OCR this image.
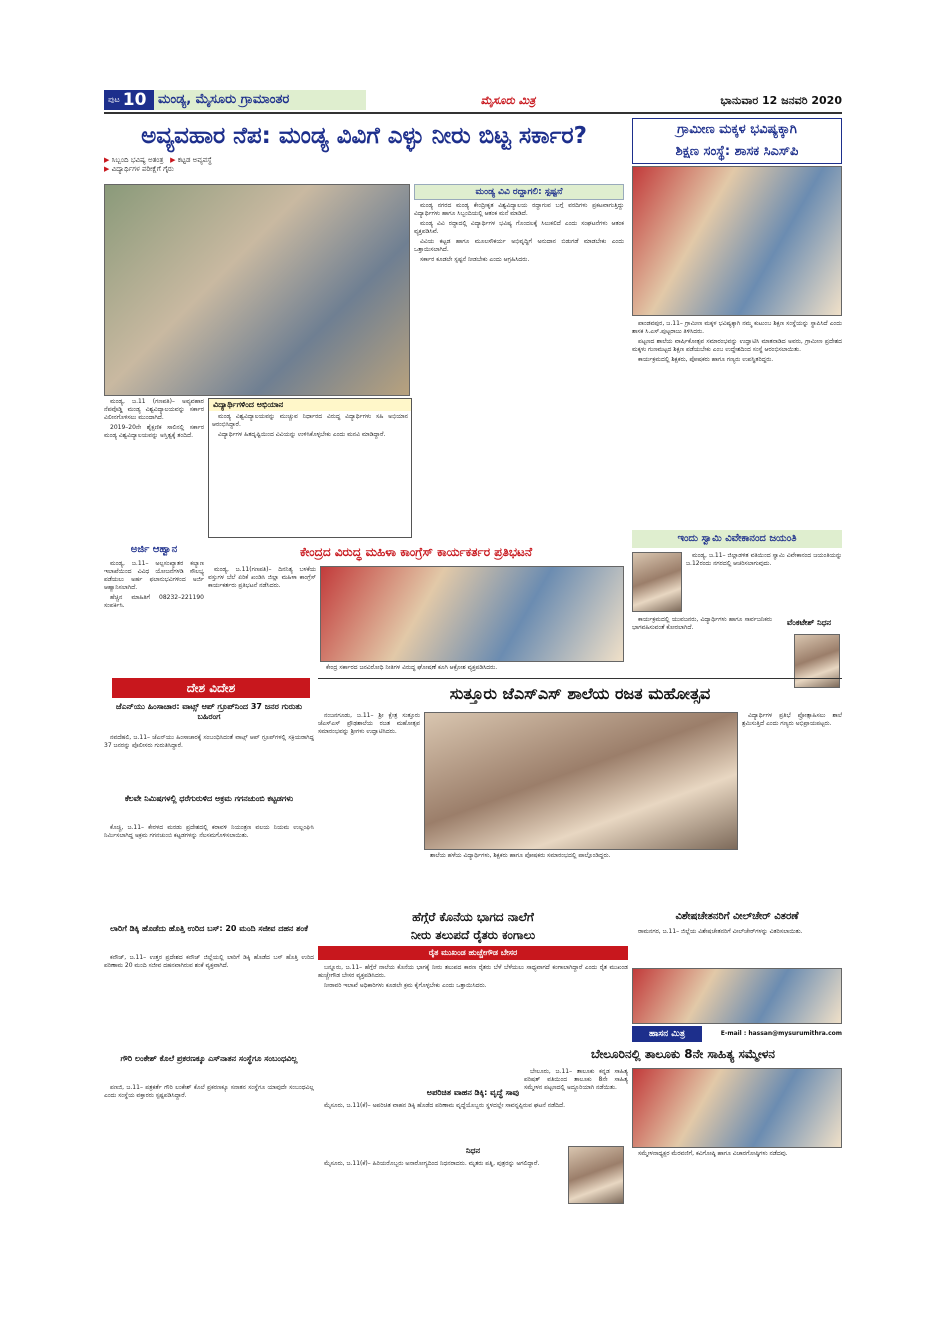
ಪುಟ 10 ಮಂಡ್ಯ, ಮೈಸೂರು ಗ್ರಾಮಾಂತರ	ಮೈಸೂರು ಮಿತ್ರ	ಭಾನುವಾರ 12 ಜನವರಿ 2020
ಅವ್ಯವಹಾರ ನೆಪ: ಮಂಡ್ಯ ವಿವಿಗೆ ಎಳ್ಳು ನೀರು ಬಿಟ್ಟ ಸರ್ಕಾರ?
▶ ಸಿಬ್ಬಂದಿ ಭವಿಷ್ಯ ಅತಂತ್ರ ▶ ಕಟ್ಟಡ ಅವ್ಯವಸ್ಥೆ
▶ ವಿದ್ಯಾರ್ಥಿಗಳ ಪರೀಕ್ಷೆಗೆ ಗೈರು
ಮಂಡ್ಯ ವಿವಿ ರದ್ದಾಗಲಿ: ಸ್ಪಷ್ಟನೆ

ಮಂಡ್ಯ ನಗರದ ಮಂಡ್ಯ ಕೇಂದ್ರೀಕೃತ ವಿಶ್ವವಿದ್ಯಾಲಯ ರದ್ದಾಗುವ ಬಗ್ಗೆ ವರದಿಗಳು ಪ್ರಕಟವಾಗುತ್ತಿದ್ದು ವಿದ್ಯಾರ್ಥಿಗಳು ಹಾಗೂ ಸಿಬ್ಬಂದಿಯಲ್ಲಿ ಆತಂಕ ಮನೆ ಮಾಡಿದೆ.

ಮಂಡ್ಯ ವಿವಿ ರದ್ದಾದಲ್ಲಿ ವಿದ್ಯಾರ್ಥಿಗಳ ಭವಿಷ್ಯ ಗೊಂದಲಕ್ಕೆ ಸಿಲುಕಲಿದೆ ಎಂದು ಸಂಘಟನೆಗಳು ಆತಂಕ ವ್ಯಕ್ತಪಡಿಸಿವೆ.

ವಿವಿಯ ಕಟ್ಟಡ ಹಾಗೂ ಮೂಲಸೌಕರ್ಯ ಅಭಿವೃದ್ಧಿಗೆ ಅನುದಾನ ಬಿಡುಗಡೆ ಮಾಡಬೇಕು ಎಂದು ಒತ್ತಾಯಿಸಲಾಗಿದೆ.

ಸರ್ಕಾರ ಕೂಡಲೇ ಸ್ಪಷ್ಟನೆ ನೀಡಬೇಕು ಎಂದು ಆಗ್ರಹಿಸಿದರು.

ಮಂಡ್ಯ, ಜ.11 (ಗಣಪತಿ)– ಅವ್ಯವಹಾರ ನೆಪವೊಡ್ಡಿ ಮಂಡ್ಯ ವಿಶ್ವವಿದ್ಯಾಲಯವನ್ನು ಸರ್ಕಾರ ವಿಲೀನಗೊಳಿಸಲು ಮುಂದಾಗಿದೆ.

2019–20ನೇ ಶೈಕ್ಷಣಿಕ ಸಾಲಿನಲ್ಲಿ ಸರ್ಕಾರ ಮಂಡ್ಯ ವಿಶ್ವವಿದ್ಯಾಲಯವನ್ನು ಅಸ್ತಿತ್ವಕ್ಕೆ ತಂದಿದೆ.

ವಿದ್ಯಾರ್ಥಿಗಳಿಂದ ಅಭಿಯಾನ

ಮಂಡ್ಯ ವಿಶ್ವವಿದ್ಯಾಲಯವನ್ನು ಮುಚ್ಚುವ ನಿರ್ಧಾರದ ವಿರುದ್ಧ ವಿದ್ಯಾರ್ಥಿಗಳು ಸಹಿ ಅಭಿಯಾನ ಆರಂಭಿಸಿದ್ದಾರೆ.

ವಿದ್ಯಾರ್ಥಿಗಳ ಹಿತದೃಷ್ಟಿಯಿಂದ ವಿವಿಯನ್ನು ಉಳಿಸಿಕೊಳ್ಳಬೇಕು ಎಂದು ಮನವಿ ಮಾಡಿದ್ದಾರೆ.

ಗ್ರಾಮೀಣ ಮಕ್ಕಳ ಭವಿಷ್ಯಕ್ಕಾಗಿ
ಶಿಕ್ಷಣ ಸಂಸ್ಥೆ: ಶಾಸಕ ಸಿಎಸ್‌ಪಿ

ಪಾಂಡವಪುರ, ಜ.11– ಗ್ರಾಮೀಣ ಮಕ್ಕಳ ಭವಿಷ್ಯಕ್ಕಾಗಿ ನಮ್ಮ ಕುಟುಂಬ ಶಿಕ್ಷಣ ಸಂಸ್ಥೆಯನ್ನು ಸ್ಥಾಪಿಸಿದೆ ಎಂದು ಶಾಸಕ ಸಿ.ಎಸ್.ಪುಟ್ಟರಾಜು ತಿಳಿಸಿದರು.

ಪಟ್ಟಣದ ಶಾಲೆಯ ವಾರ್ಷಿಕೋತ್ಸವ ಸಮಾರಂಭವನ್ನು ಉದ್ಘಾಟಿಸಿ ಮಾತನಾಡಿದ ಅವರು, ಗ್ರಾಮೀಣ ಪ್ರದೇಶದ ಮಕ್ಕಳು ಗುಣಮಟ್ಟದ ಶಿಕ್ಷಣ ಪಡೆಯಬೇಕು ಎಂಬ ಉದ್ದೇಶದಿಂದ ಸಂಸ್ಥೆ ಆರಂಭಿಸಲಾಯಿತು.

ಕಾರ್ಯಕ್ರಮದಲ್ಲಿ ಶಿಕ್ಷಕರು, ಪೋಷಕರು ಹಾಗೂ ಗಣ್ಯರು ಉಪಸ್ಥಿತರಿದ್ದರು.

ಇಂದು ಸ್ವಾಮಿ ವಿವೇಕಾನಂದ ಜಯಂತಿ

ಮಂಡ್ಯ, ಜ.11– ಜಿಲ್ಲಾಡಳಿತ ವತಿಯಿಂದ ಸ್ವಾಮಿ ವಿವೇಕಾನಂದ ಜಯಂತಿಯನ್ನು ಜ.12ರಂದು ನಗರದಲ್ಲಿ ಆಚರಿಸಲಾಗುವುದು.

ಕಾರ್ಯಕ್ರಮದಲ್ಲಿ ಯುವಜನರು, ವಿದ್ಯಾರ್ಥಿಗಳು ಹಾಗೂ ಸಾರ್ವಜನಿಕರು ಭಾಗವಹಿಸುವಂತೆ ಕೋರಲಾಗಿದೆ.

ವೆಂಕಟೇಶ್ ನಿಧನ
ಅರ್ಜಿ ಆಹ್ವಾನ

ಮಂಡ್ಯ, ಜ.11– ಅಲ್ಪಸಂಖ್ಯಾತರ ಕಲ್ಯಾಣ ಇಲಾಖೆಯಿಂದ ವಿವಿಧ ಯೋಜನೆಗಳಡಿ ಸೌಲಭ್ಯ ಪಡೆಯಲು ಅರ್ಹ ಫಲಾನುಭವಿಗಳಿಂದ ಅರ್ಜಿ ಆಹ್ವಾನಿಸಲಾಗಿದೆ.

ಹೆಚ್ಚಿನ ಮಾಹಿತಿಗೆ 08232–221190 ಸಂಪರ್ಕಿಸಿ.

ಕೇಂದ್ರದ ವಿರುದ್ಧ ಮಹಿಳಾ ಕಾಂಗ್ರೆಸ್ ಕಾರ್ಯಕರ್ತರ ಪ್ರತಿಭಟನೆ

ಮಂಡ್ಯ, ಜ.11(ಗಣಪತಿ)– ದಿನನಿತ್ಯ ಬಳಕೆಯ ವಸ್ತುಗಳ ಬೆಲೆ ಏರಿಕೆ ಖಂಡಿಸಿ ಜಿಲ್ಲಾ ಮಹಿಳಾ ಕಾಂಗ್ರೆಸ್ ಕಾರ್ಯಕರ್ತರು ಪ್ರತಿಭಟನೆ ನಡೆಸಿದರು.

ಕೇಂದ್ರ ಸರ್ಕಾರದ ಜನವಿರೋಧಿ ನೀತಿಗಳ ವಿರುದ್ಧ ಘೋಷಣೆ ಕೂಗಿ ಆಕ್ರೋಶ ವ್ಯಕ್ತಪಡಿಸಿದರು.

ದೇಶ ವಿದೇಶ
ಜೆಎನ್‌ಯು ಹಿಂಸಾಚಾರ: ವಾಟ್ಸ್ ಆಪ್ ಗ್ರೂಪ್‌ನಿಂದ 37 ಜನರ ಗುರುತು ಬಹಿರಂಗ

ನವದೆಹಲಿ, ಜ.11– ಜೆಎನ್‌ಯು ಹಿಂಸಾಚಾರಕ್ಕೆ ಸಂಬಂಧಿಸಿದಂತೆ ವಾಟ್ಸ್ ಆಪ್ ಗ್ರೂಪ್‌ಗಳಲ್ಲಿ ಸಕ್ರಿಯರಾಗಿದ್ದ 37 ಜನರನ್ನು ಪೊಲೀಸರು ಗುರುತಿಸಿದ್ದಾರೆ.

ಕೆಲವೇ ನಿಮಿಷಗಳಲ್ಲಿ ಧರೆಗುರುಳಿದ ಅಕ್ರಮ ಗಗನಚುಂಬಿ ಕಟ್ಟಡಗಳು

ಕೊಚ್ಚಿ, ಜ.11– ಕೇರಳದ ಮರಡು ಪ್ರದೇಶದಲ್ಲಿ ಕರಾವಳಿ ನಿಯಂತ್ರಣ ವಲಯ ನಿಯಮ ಉಲ್ಲಂಘಿಸಿ ನಿರ್ಮಿಸಲಾಗಿದ್ದ ಅಕ್ರಮ ಗಗನಚುಂಬಿ ಕಟ್ಟಡಗಳನ್ನು ನೆಲಸಮಗೊಳಿಸಲಾಯಿತು.

ಲಾರಿಗೆ ಡಿಕ್ಕಿ ಹೊಡೆದು ಹೊತ್ತಿ ಉರಿದ ಬಸ್: 20 ಮಂದಿ ಸಜೀವ ದಹನ ಶಂಕೆ

ಕನೌಜ್, ಜ.11– ಉತ್ತರ ಪ್ರದೇಶದ ಕನೌಜ್ ಜಿಲ್ಲೆಯಲ್ಲಿ ಲಾರಿಗೆ ಡಿಕ್ಕಿ ಹೊಡೆದ ಬಸ್ ಹೊತ್ತಿ ಉರಿದ ಪರಿಣಾಮ 20 ಮಂದಿ ಸಜೀವ ದಹನವಾಗಿರುವ ಶಂಕೆ ವ್ಯಕ್ತವಾಗಿದೆ.

ಗೌರಿ ಲಂಕೇಶ್ ಕೊಲೆ ಪ್ರಕರಣಕ್ಕೂ ಎಸ್‌ನಾತನ ಸಂಸ್ಥೆಗೂ ಸಂಬಂಧವಿಲ್ಲ

ಪಣಜಿ, ಜ.11– ಪತ್ರಕರ್ತೆ ಗೌರಿ ಲಂಕೇಶ್ ಕೊಲೆ ಪ್ರಕರಣಕ್ಕೂ ಸನಾತನ ಸಂಸ್ಥೆಗೂ ಯಾವುದೇ ಸಂಬಂಧವಿಲ್ಲ ಎಂದು ಸಂಸ್ಥೆಯ ವಕ್ತಾರರು ಸ್ಪಷ್ಟಪಡಿಸಿದ್ದಾರೆ.

ಸುತ್ತೂರು ಜೆಎಸ್‌ಎಸ್ ಶಾಲೆಯ ರಜತ ಮಹೋತ್ಸವ

ನಂಜನಗೂಡು, ಜ.11– ಶ್ರೀ ಕ್ಷೇತ್ರ ಸುತ್ತೂರು ಜೆಎಸ್‌ಎಸ್ ಪ್ರೌಢಶಾಲೆಯ ರಜತ ಮಹೋತ್ಸವ ಸಮಾರಂಭವನ್ನು ಶ್ರೀಗಳು ಉದ್ಘಾಟಿಸಿದರು.

ವಿದ್ಯಾರ್ಥಿಗಳ ಪ್ರತಿಭೆ ಪ್ರೋತ್ಸಾಹಿಸಲು ಶಾಲೆ ಶ್ರಮಿಸುತ್ತಿದೆ ಎಂದು ಗಣ್ಯರು ಅಭಿಪ್ರಾಯಪಟ್ಟರು.

ಶಾಲೆಯ ಹಳೆಯ ವಿದ್ಯಾರ್ಥಿಗಳು, ಶಿಕ್ಷಕರು ಹಾಗೂ ಪೋಷಕರು ಸಮಾರಂಭದಲ್ಲಿ ಪಾಲ್ಗೊಂಡಿದ್ದರು.

ಹೆಗ್ಗೆರೆ ಕೊನೆಯ ಭಾಗದ ನಾಲೆಗೆ
ನೀರು ತಲುಪದೆ ರೈತರು ಕಂಗಾಲು
ರೈತ ಮುಖಂಡ ಹುಚ್ಚೇಗೌಡ ಬೇಸರ

ಬನ್ನೂರು, ಜ.11– ಹೆಗ್ಗೆರೆ ನಾಲೆಯ ಕೊನೆಯ ಭಾಗಕ್ಕೆ ನೀರು ತಲುಪದ ಕಾರಣ ರೈತರು ಬೆಳೆ ಬೆಳೆಯಲು ಸಾಧ್ಯವಾಗದೆ ಕಂಗಾಲಾಗಿದ್ದಾರೆ ಎಂದು ರೈತ ಮುಖಂಡ ಹುಚ್ಚೇಗೌಡ ಬೇಸರ ವ್ಯಕ್ತಪಡಿಸಿದರು.

ನೀರಾವರಿ ಇಲಾಖೆ ಅಧಿಕಾರಿಗಳು ಕೂಡಲೇ ಕ್ರಮ ಕೈಗೊಳ್ಳಬೇಕು ಎಂದು ಒತ್ತಾಯಿಸಿದರು.

ಅಪರಿಚಿತ ವಾಹನ ಡಿಕ್ಕಿ: ವೃದ್ಧೆ ಸಾವು

ಮೈಸೂರು, ಜ.11(ಕೆ)– ಅಪರಿಚಿತ ವಾಹನ ಡಿಕ್ಕಿ ಹೊಡೆದ ಪರಿಣಾಮ ವೃದ್ಧೆಯೊಬ್ಬರು ಸ್ಥಳದಲ್ಲೇ ಸಾವನ್ನಪ್ಪಿರುವ ಘಟನೆ ನಡೆದಿದೆ.

ನಿಧನ

ಮೈಸೂರು, ಜ.11(ಕೆ)– ಹಿರಿಯರೊಬ್ಬರು ಅನಾರೋಗ್ಯದಿಂದ ನಿಧನರಾದರು. ಮೃತರು ಪತ್ನಿ, ಪುತ್ರರನ್ನು ಅಗಲಿದ್ದಾರೆ.

ವಿಶೇಷಚೇತನರಿಗೆ ವೀಲ್‌ಚೇರ್ ವಿತರಣೆ

ರಾಮನಗರ, ಜ.11– ಜಿಲ್ಲೆಯ ವಿಶೇಷಚೇತನರಿಗೆ ವೀಲ್‌ಚೇರ್‌ಗಳನ್ನು ವಿತರಿಸಲಾಯಿತು.

ಹಾಸನ ಮಿತ್ರ	E-mail : hassan@mysurumithra.com
ಬೇಲೂರಿನಲ್ಲಿ ತಾಲೂಕು 8ನೇ ಸಾಹಿತ್ಯ ಸಮ್ಮೇಳನ

ಬೇಲೂರು, ಜ.11– ತಾಲೂಕು ಕನ್ನಡ ಸಾಹಿತ್ಯ ಪರಿಷತ್ ವತಿಯಿಂದ ತಾಲೂಕು 8ನೇ ಸಾಹಿತ್ಯ ಸಮ್ಮೇಳನ ಪಟ್ಟಣದಲ್ಲಿ ಅದ್ದೂರಿಯಾಗಿ ನಡೆಯಿತು.

ಸಮ್ಮೇಳನಾಧ್ಯಕ್ಷರ ಮೆರವಣಿಗೆ, ಕವಿಗೋಷ್ಠಿ ಹಾಗೂ ವಿಚಾರಗೋಷ್ಠಿಗಳು ನಡೆದವು.
